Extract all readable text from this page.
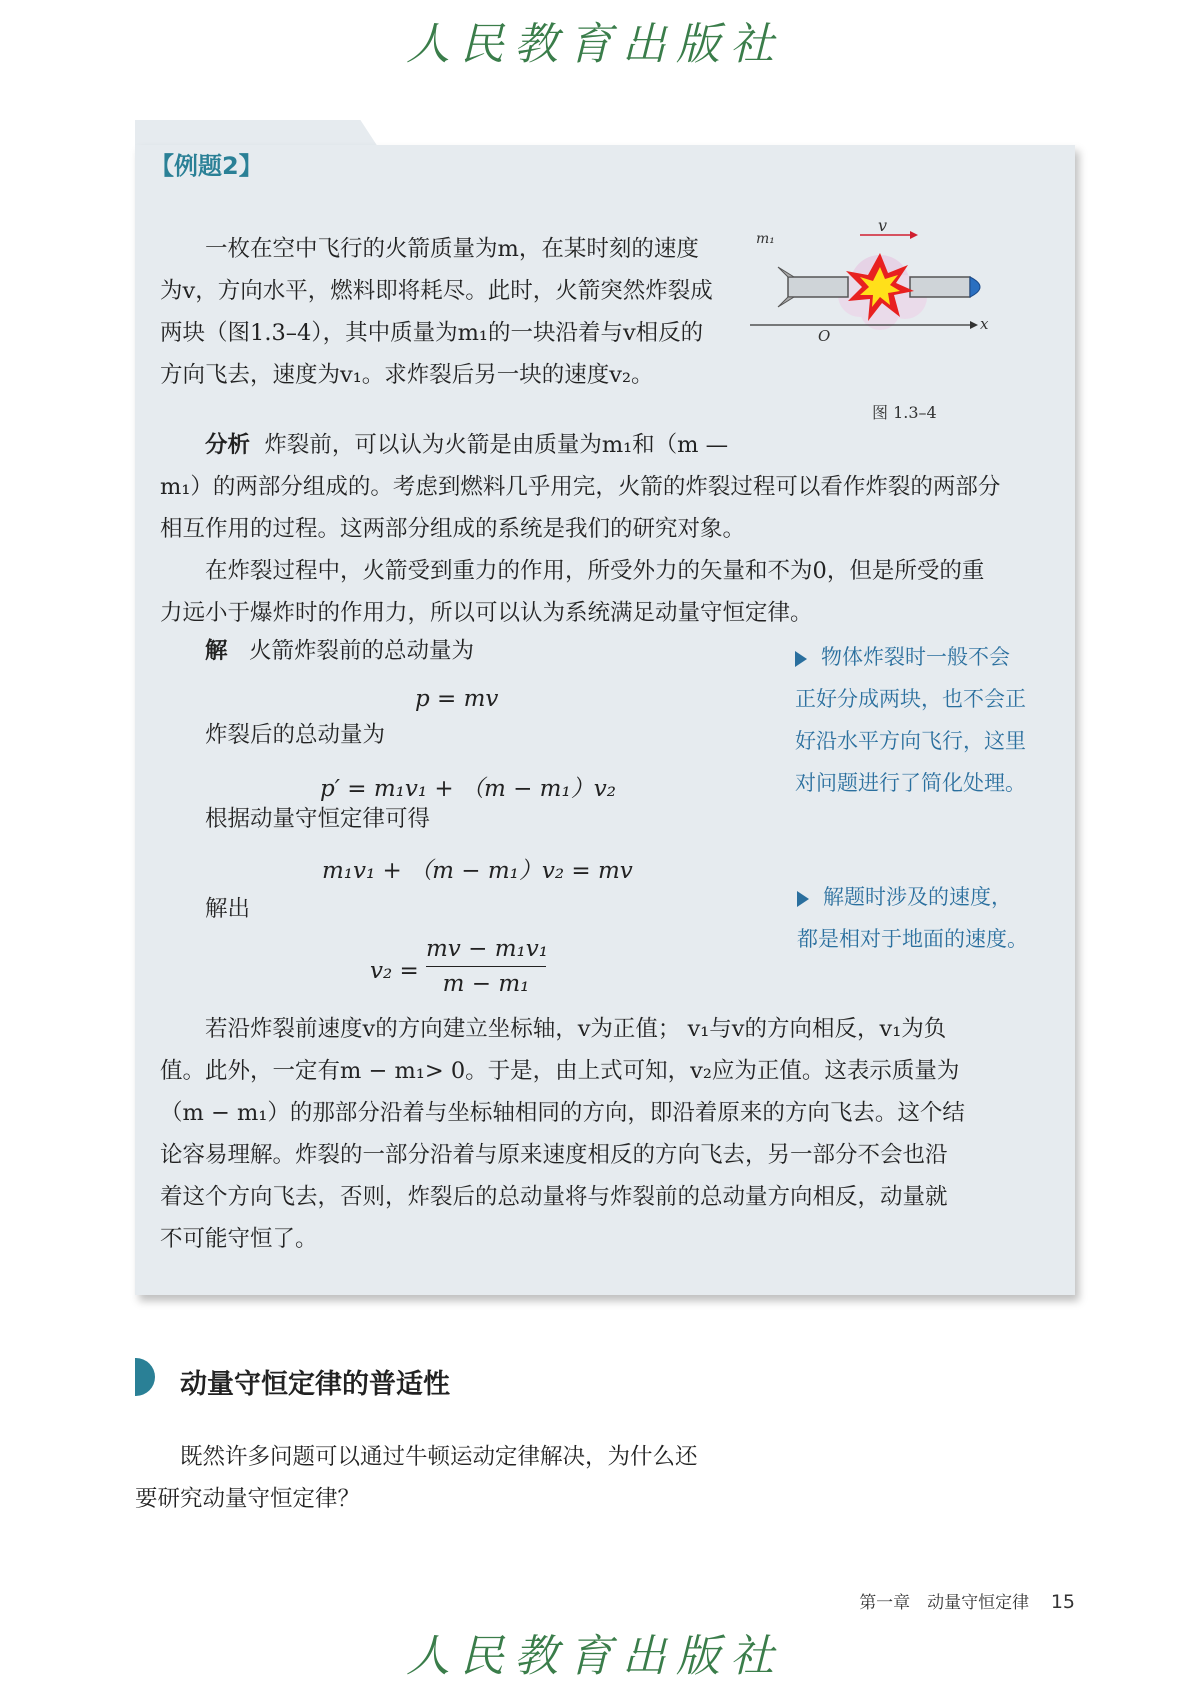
人民教育出版社
【例题2】

一枚在空中飞行的火箭质量为m，在某时刻的速度

为v，方向水平，燃料即将耗尽。此时，火箭突然炸裂成

两块（图1.3–4），其中质量为m₁的一块沿着与v相反的

方向飞去，速度为v₁。求炸裂后另一块的速度v₂。

v
m₁
O
x
图 1.3–4

分析 炸裂前，可以认为火箭是由质量为m₁和（m —

m₁）的两部分组成的。考虑到燃料几乎用完，火箭的炸裂过程可以看作炸裂的两部分

相互作用的过程。这两部分组成的系统是我们的研究对象。

在炸裂过程中，火箭受到重力的作用，所受外力的矢量和不为0，但是所受的重

力远小于爆炸时的作用力，所以可以认为系统满足动量守恒定律。

解 火箭炸裂前的总动量为
p = mv
炸裂后的总动量为
p′ = m₁v₁ + （m − m₁）v₂
根据动量守恒定律可得
m₁v₁ + （m − m₁）v₂ = mv
解出
v₂ =
mv − m₁v₁
m − m₁
物体炸裂时一般不会
正好分成两块，也不会正
好沿水平方向飞行，这里
对问题进行了简化处理。
解题时涉及的速度，
都是相对于地面的速度。

若沿炸裂前速度v的方向建立坐标轴，v为正值； v₁与v的方向相反，v₁为负

值。此外，一定有m − m₁> 0。于是，由上式可知，v₂应为正值。这表示质量为

（m − m₁）的那部分沿着与坐标轴相同的方向，即沿着原来的方向飞去。这个结

论容易理解。炸裂的一部分沿着与原来速度相反的方向飞去，另一部分不会也沿

着这个方向飞去，否则，炸裂后的总动量将与炸裂前的总动量方向相反，动量就

不可能守恒了。

动量守恒定律的普适性

既然许多问题可以通过牛顿运动定律解决，为什么还

要研究动量守恒定律？

第一章　动量守恒定律 15
人民教育出版社
